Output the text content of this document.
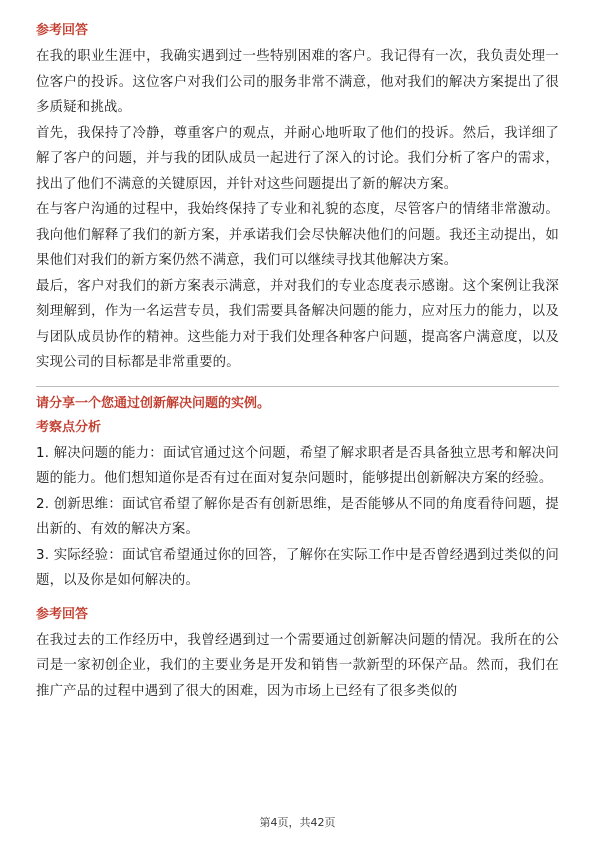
参考回答

在我的职业生涯中，我确实遇到过一些特别困难的客户。我记得有一次，我负责处理一位客户的投诉。这位客户对我们公司的服务非常不满意，他对我们的解决方案提出了很多质疑和挑战。

首先，我保持了冷静，尊重客户的观点，并耐心地听取了他们的投诉。然后，我详细了解了客户的问题，并与我的团队成员一起进行了深入的讨论。我们分析了客户的需求，找出了他们不满意的关键原因，并针对这些问题提出了新的解决方案。

在与客户沟通的过程中，我始终保持了专业和礼貌的态度，尽管客户的情绪非常激动。我向他们解释了我们的新方案，并承诺我们会尽快解决他们的问题。我还主动提出，如果他们对我们的新方案仍然不满意，我们可以继续寻找其他解决方案。

最后，客户对我们的新方案表示满意，并对我们的专业态度表示感谢。这个案例让我深刻理解到，作为一名运营专员，我们需要具备解决问题的能力，应对压力的能力，以及与团队成员协作的精神。这些能力对于我们处理各种客户问题，提高客户满意度，以及实现公司的目标都是非常重要的。

请分享一个您通过创新解决问题的实例。
考察点分析

1. 解决问题的能力：面试官通过这个问题，希望了解求职者是否具备独立思考和解决问题的能力。他们想知道你是否有过在面对复杂问题时，能够提出创新解决方案的经验。

2. 创新思维：面试官希望了解你是否有创新思维，是否能够从不同的角度看待问题，提出新的、有效的解决方案。

3. 实际经验：面试官希望通过你的回答，了解你在实际工作中是否曾经遇到过类似的问题，以及你是如何解决的。

参考回答

在我过去的工作经历中，我曾经遇到过一个需要通过创新解决问题的情况。我所在的公司是一家初创企业，我们的主要业务是开发和销售一款新型的环保产品。然而，我们在推广产品的过程中遇到了很大的困难，因为市场上已经有了很多类似的

第4页，共42页
